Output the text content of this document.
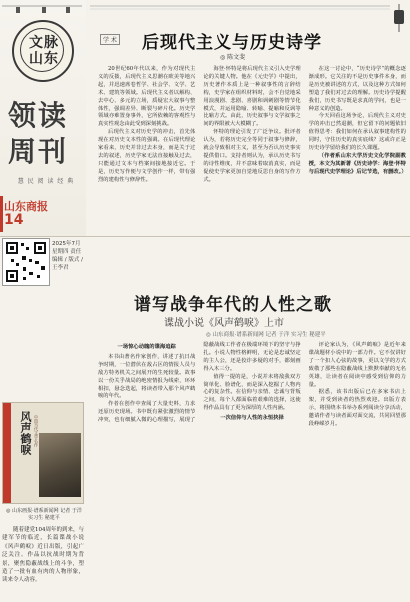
文脉山东
领读周刊
慧 民 阅 读 经 典
山东商报
14
2025年7月 星期四 责任编辑 / 版式 / 王李君
风声鹤唳 中国当代文学名作
◎ 山东画报·谱系新闻网 记者 于洋 实习生 秘建平
随着建党104周年的到来，与建军节的临近，长篇谍战小说《风声鹤唳》近日出版，引起广泛关注。作品以抗战时期为背景，聚焦隐蔽战线上的斗争，塑造了一批有血有肉的人物形象，读来令人动容。
学 术 后现代主义与历史诗学
◎ 陈文斐

20世纪60年代以来，作为对现代主义的反拨，后现代主义思潮在欧美等地兴起，并迅速席卷哲学、社会学、文学、艺术、建筑等领域。后现代主义者以解构、去中心、多元的立场，质疑宏大叙事与整体性，强调差异、断裂与碎片化。历史学领域亦难置身事外，它所依赖的客观性与真实性观念由此受到深刻挑战。

后现代主义对历史学的冲击，首先体现在对历史文本性的强调。在后现代理论家看来，历史并非过去本身，而是关于过去的叙述，历史学家无法直接触及过去，只能通过文本与档案间接地接近它。于是，历史写作便与文学创作一样，带有强烈的建构性与修辞性。

海登·怀特是将后现代主义引入史学理论的关键人物。他在《元史学》中提出，历史著作本质上是一种叙事性的言辞结构，史学家在组织材料时，会不自觉地采用浪漫剧、悲剧、喜剧和讽刺剧等情节化模式，并运用隐喻、转喻、提喻和反讽等比喻方式。由此，历史叙事与文学叙事之间的界限被大大模糊了。

怀特的理论引发了广泛争议。批评者认为，若将历史完全等同于叙事与修辞，就会导致相对主义，甚至为否认历史事实提供借口。支持者则认为，承认历史书写的诗性维度，并不意味着取消真实，而是促使史学家更加自觉地反思自身的写作方式。

在这一讨论中，“历史诗学”的概念逐渐成形。它关注的不是历史事件本身，而是历史被讲述的方式，以及这种方式如何塑造了我们对过去的理解。历史诗学提醒我们，历史书写既是求真的学问，也是一种意义的创造。

今天回看这场争论，后现代主义对史学的冲击已然退潮，但它留下的问题依旧值得思考：我们如何在承认叙事建构性的同时，守住历史的真实底线？这或许正是历史诗学留给我们的长久课题。

（作者系山东大学历史文化学院副教授，本文为其新著《历史诗学：海登·怀特与后现代史学理论》后记节选，有删改。）

谱写战争年代的人性之歌
谍战小说《风声鹤唳》上市
◎ 山东商报·谱系新闻网 记者 于洋 实习生 秘建平

一场惊心动魄的谍海追踪

本书由著名作家创作，讲述了抗日战争时期，一位潜伏在敌占区的情报人员与敌方特务机关之间展开的生死较量。故事以一份关乎战局的绝密情报为线索，环环相扣，悬念迭起，将读者带入那个风声鹤唳的年代。

作者在创作中查阅了大量史料，力求还原历史现场。书中既有紧张激烈的情节冲突，也有细腻入微的心理描写，展现了隐蔽战线工作者在极端环境下的坚守与挣扎。小说人物性格鲜明，无论是忠诚坚定的主人公，还是狡诈多疑的对手，都刻画得入木三分。

值得一提的是，小说并未将敌我双方简单化、脸谱化，而是深入挖掘了人物内心的复杂性。在信仰与亲情、忠诚与背叛之间，每个人都面临着艰难的选择，这使得作品具有了更为深厚的人性内涵。

一次信仰与人性的永恒抉择

评论家认为，《风声鹤唳》是近年来谍战题材小说中的一部力作。它不仅讲好了一个扣人心弦的故事，更以文学的方式致敬了那些在隐蔽战线上默默奉献的无名英雄，让读者在阅读中感受到信仰的力量。

据悉，该书出版后已在多家书店上架，并受到读者的热烈欢迎。出版方表示，将围绕本书举办系列阅读分享活动，邀请作者与读者面对面交流，共同回望那段峥嵘岁月。
